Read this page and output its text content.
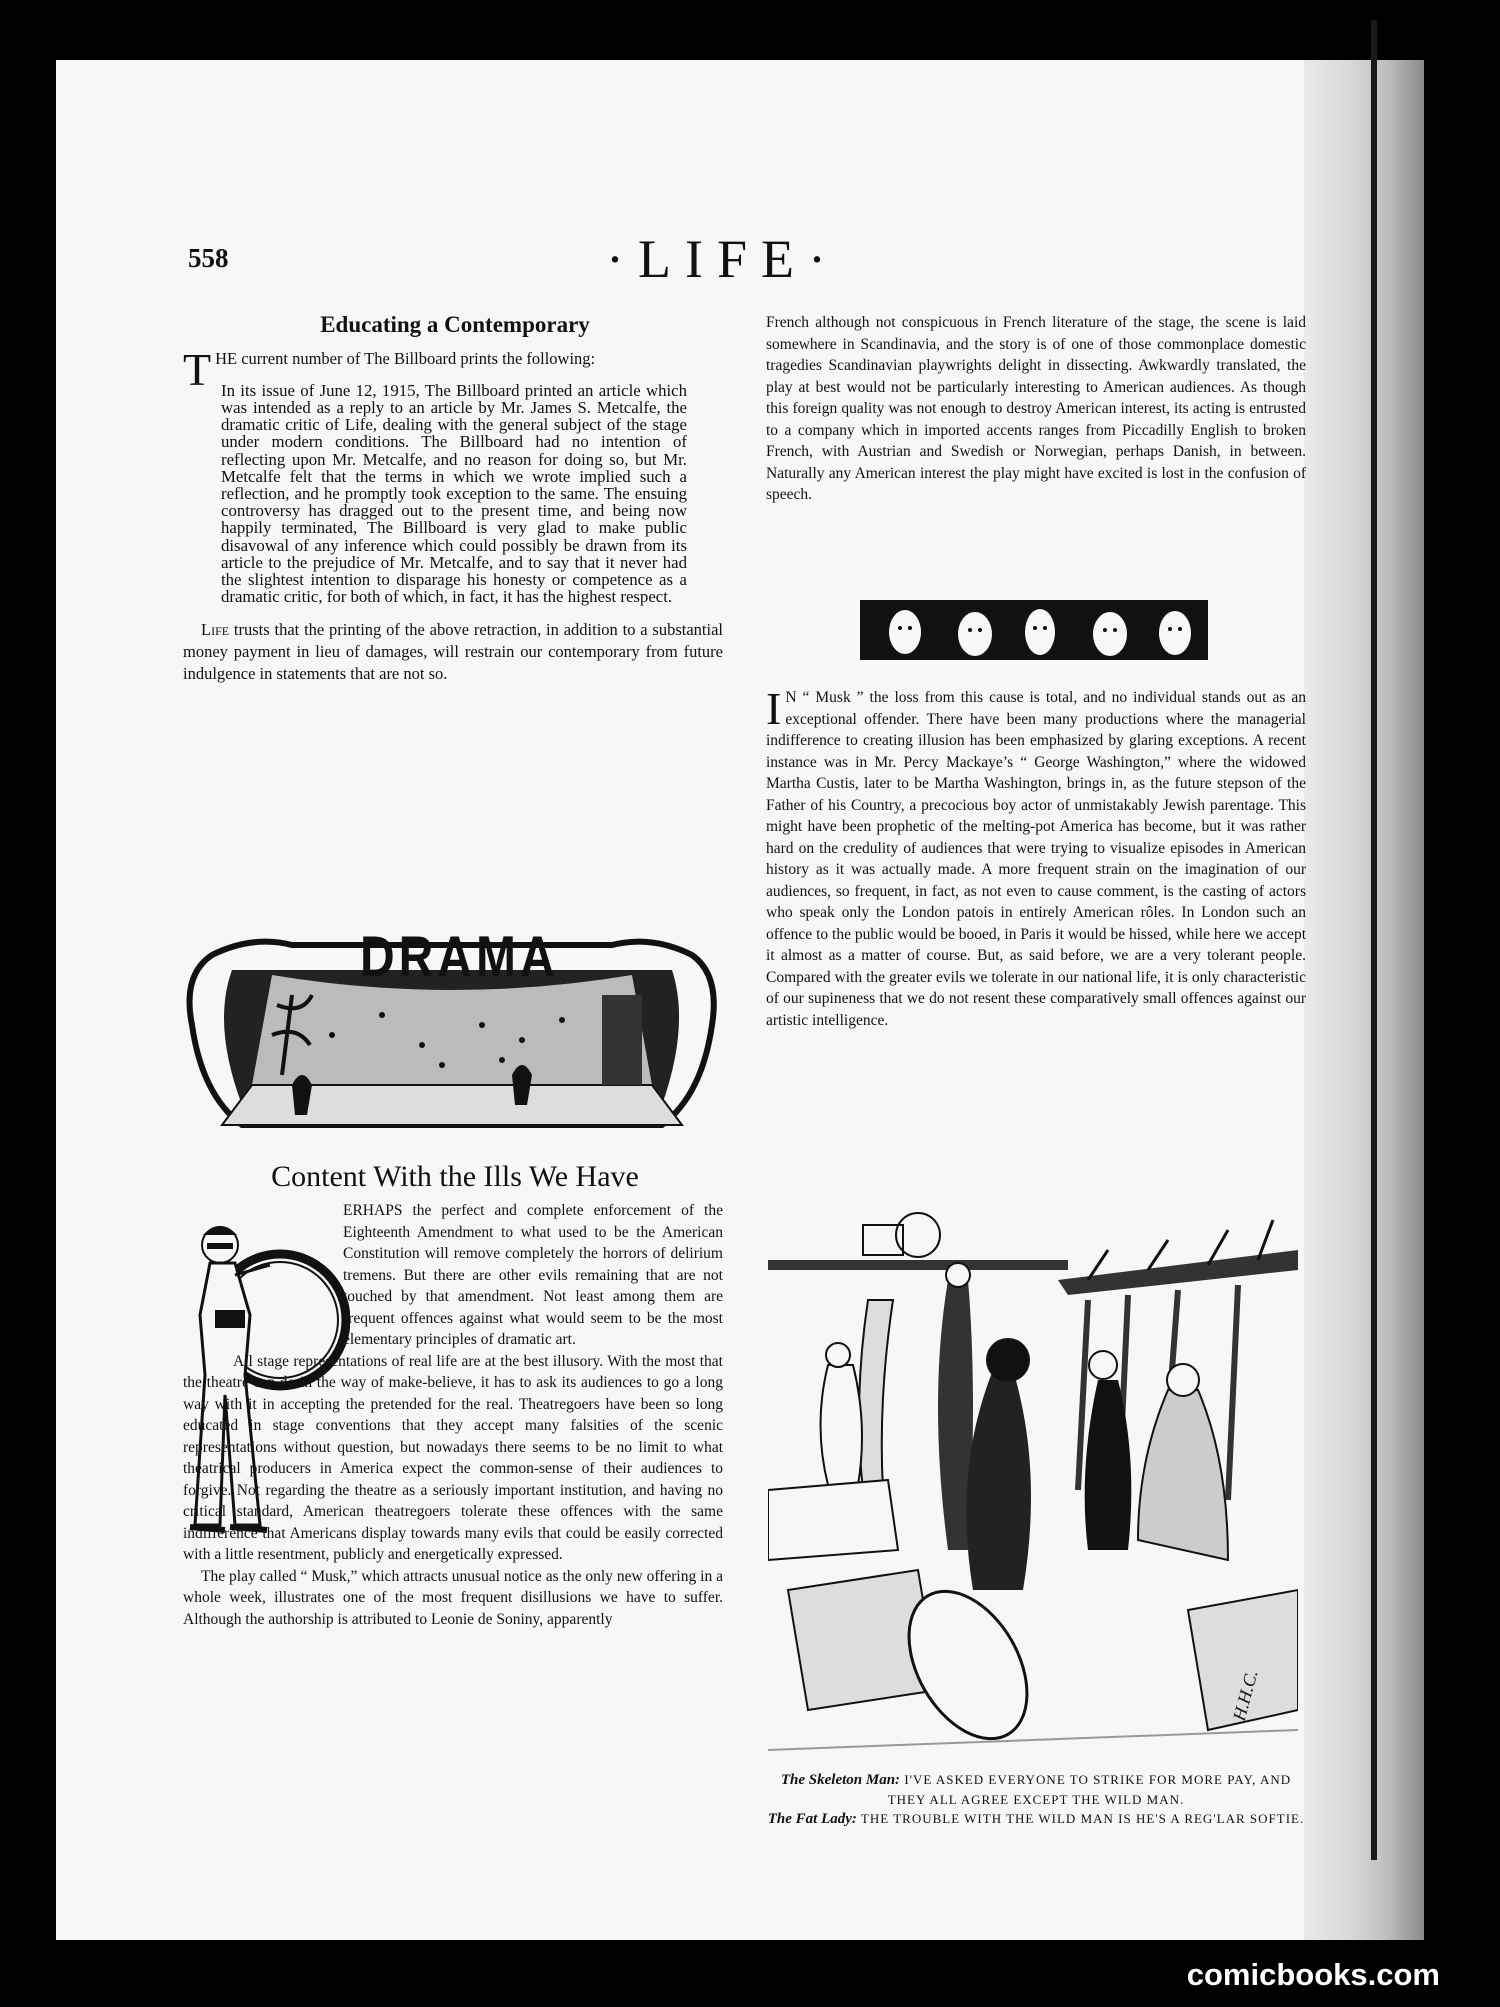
558	·LIFE·
Educating a Contemporary

THE current number of The Billboard prints the following:

In its issue of June 12, 1915, The Billboard printed an article which was intended as a reply to an article by Mr. James S. Metcalfe, the dramatic critic of Life, dealing with the general subject of the stage under modern conditions. The Billboard had no intention of reflecting upon Mr. Metcalfe, and no reason for doing so, but Mr. Metcalfe felt that the terms in which we wrote implied such a reflection, and he promptly took exception to the same. The ensuing controversy has dragged out to the present time, and being now happily terminated, The Billboard is very glad to make public disavowal of any inference which could possibly be drawn from its article to the prejudice of Mr. Metcalfe, and to say that it never had the slightest intention to disparage his honesty or competence as a dramatic critic, for both of which, in fact, it has the highest respect.

Life trusts that the printing of the above retraction, in addition to a substantial money payment in lieu of damages, will restrain our contemporary from future indulgence in statements that are not so.

DRAMA
Content With the Ills We Have

ERHAPS the perfect and complete enforcement of the Eighteenth Amendment to what used to be the American Constitution will remove completely the horrors of delirium tremens. But there are other evils remaining that are not touched by that amendment. Not least among them are frequent offences against what would seem to be the most elementary principles of dramatic art.

All stage representations of real life are at the best illusory. With the most that the theatre can do in the way of make-believe, it has to ask its audiences to go a long way with it in accepting the pretended for the real. Theatregoers have been so long educated in stage conventions that they accept many falsities of the scenic representations without question, but nowadays there seems to be no limit to what theatrical producers in America expect the common-sense of their audiences to forgive. Not regarding the theatre as a seriously important institution, and having no critical standard, American theatregoers tolerate these offences with the same indifference that Americans display towards many evils that could be easily corrected with a little resentment, publicly and energetically expressed.

The play called “ Musk,” which attracts unusual notice as the only new offering in a whole week, illustrates one of the most frequent disillusions we have to suffer. Although the authorship is attributed to Leonie de Soniny, apparently

French although not conspicuous in French literature of the stage, the scene is laid somewhere in Scandinavia, and the story is of one of those commonplace domestic tragedies Scandinavian playwrights delight in dissecting. Awkwardly translated, the play at best would not be particularly interesting to American audiences. As though this foreign quality was not enough to destroy American interest, its acting is entrusted to a company which in imported accents ranges from Piccadilly English to broken French, with Austrian and Swedish or Norwegian, perhaps Danish, in between. Naturally any American interest the play might have excited is lost in the confusion of speech.

I N “ Musk ” the loss from this cause is total, and no individual stands out as an exceptional offender. There have been many productions where the managerial indifference to creating illusion has been emphasized by glaring exceptions. A recent instance was in Mr. Percy Mackaye’s “ George Washington,” where the widowed Martha Custis, later to be Martha Washington, brings in, as the future stepson of the Father of his Country, a precocious boy actor of unmistakably Jewish parentage. This might have been prophetic of the melting-pot America has become, but it was rather hard on the credulity of audiences that were trying to visualize episodes in American history as it was actually made. A more frequent strain on the imagination of our audiences, so frequent, in fact, as not even to cause comment, is the casting of actors who speak only the London patois in entirely American rôles. In London such an offence to the public would be booed, in Paris it would be hissed, while here we accept it almost as a matter of course. But, as said before, we are a very tolerant people. Compared with the greater evils we tolerate in our national life, it is only characteristic of our supineness that we do not resent these comparatively small offences against our artistic intelligence.

H.H.C.
The Skeleton Man: I'VE ASKED EVERYONE TO STRIKE FOR MORE PAY, AND THEY ALL AGREE EXCEPT THE WILD MAN.
The Fat Lady: THE TROUBLE WITH THE WILD MAN IS HE'S A REG'LAR SOFTIE.
comicbooks.com
